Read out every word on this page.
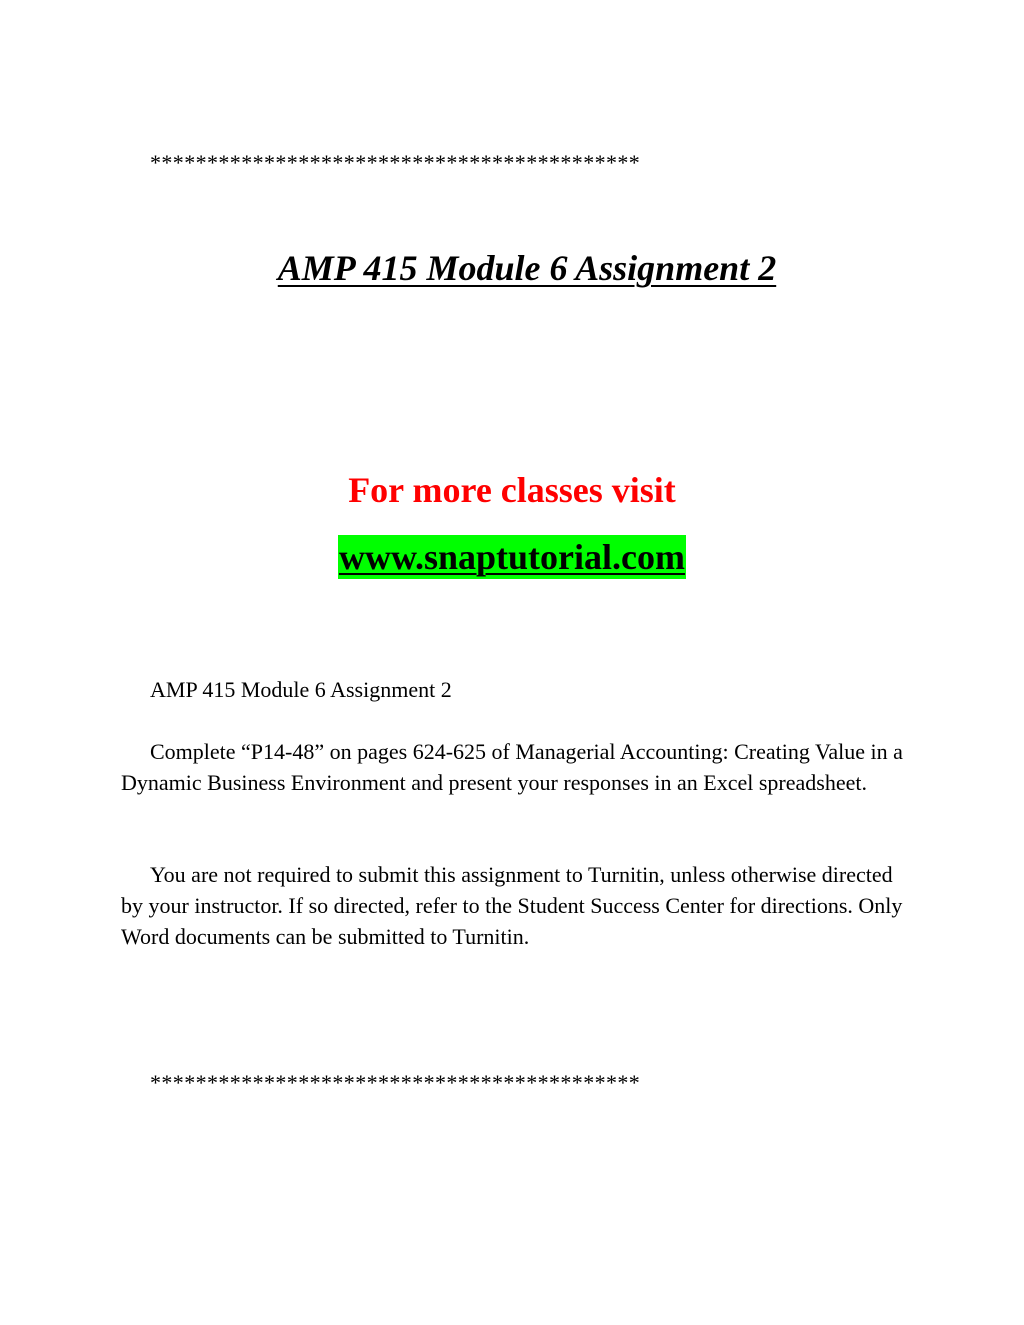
*******************************************
AMP 415 Module 6 Assignment 2
For more classes visit
www.snaptutorial.com
AMP 415 Module 6 Assignment 2
Complete “P14-48” on pages 624-625 of Managerial Accounting: Creating Value in a Dynamic Business Environment and present your responses in an Excel spreadsheet.
You are not required to submit this assignment to Turnitin, unless otherwise directed by your instructor. If so directed, refer to the Student Success Center for directions. Only Word documents can be submitted to Turnitin.
*******************************************
